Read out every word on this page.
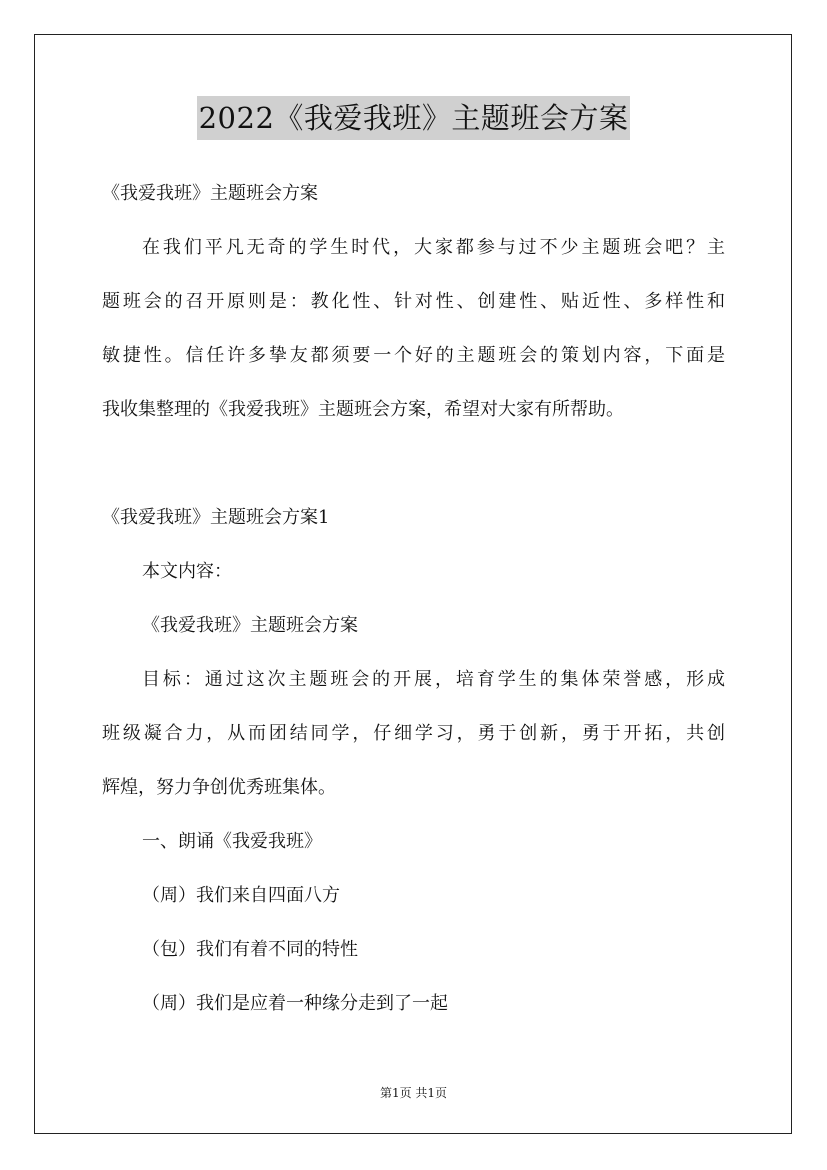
2022《我爱我班》主题班会方案
《我爱我班》主题班会方案
在我们平凡无奇的学生时代，大家都参与过不少主题班会吧？主
题班会的召开原则是：教化性、针对性、创建性、贴近性、多样性和
敏捷性。信任许多挚友都须要一个好的主题班会的策划内容，下面是
我收集整理的《我爱我班》主题班会方案，希望对大家有所帮助。
《我爱我班》主题班会方案1
本文内容：
《我爱我班》主题班会方案
目标：通过这次主题班会的开展，培育学生的集体荣誉感，形成
班级凝合力，从而团结同学，仔细学习，勇于创新，勇于开拓，共创
辉煌，努力争创优秀班集体。
一、朗诵《我爱我班》
（周）我们来自四面八方
（包）我们有着不同的特性
（周）我们是应着一种缘分走到了一起
第1页 共1页
